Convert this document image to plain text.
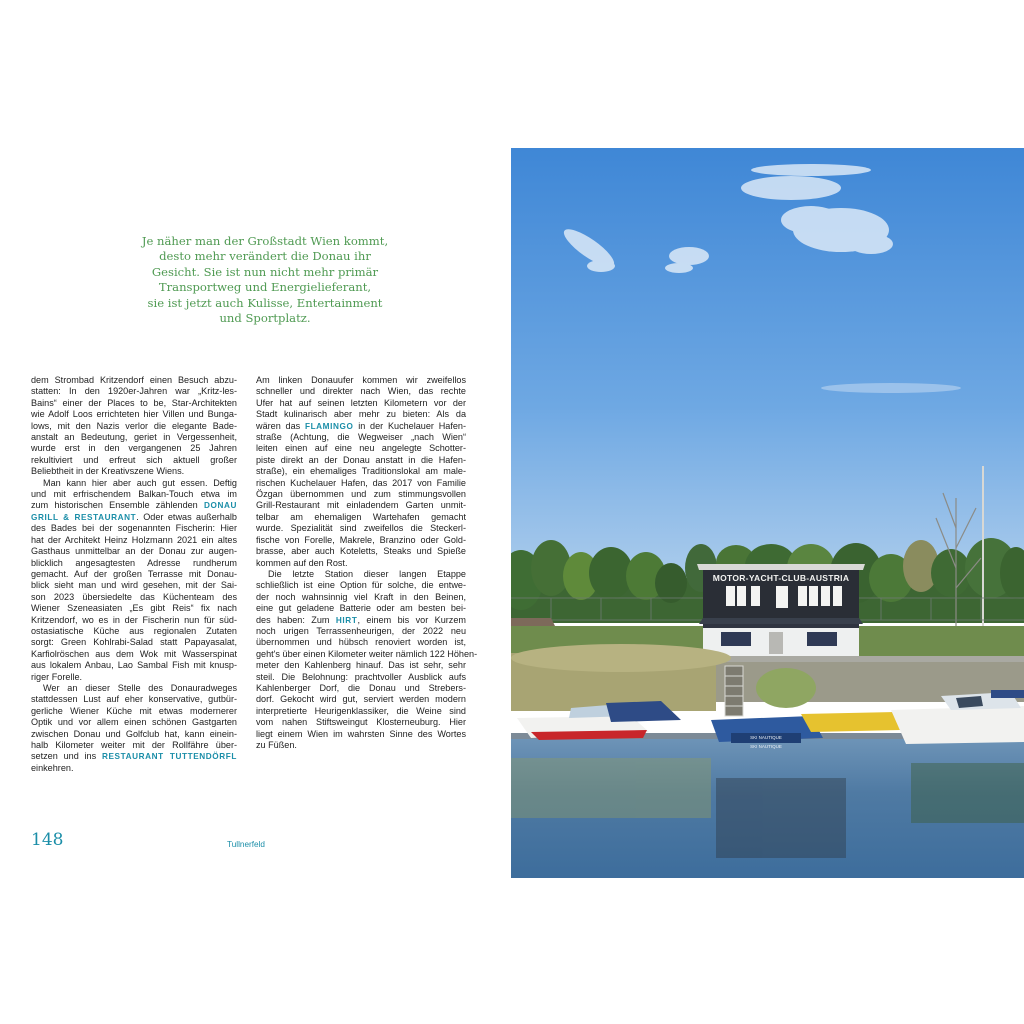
Je näher man der Großstadt Wien kommt,
desto mehr verändert die Donau ihr
Gesicht. Sie ist nun nicht mehr primär
Transportweg und Energielieferant,
sie ist jetzt auch Kulisse, Entertainment
und Sportplatz.
dem Strombad Kritzendorf einen Besuch abzu-
statten: In den 1920er-Jahren war „Kritz-les-
Bains“ einer der Places to be, Star-Architekten
wie Adolf Loos errichteten hier Villen und Bunga-
lows, mit den Nazis verlor die elegante Bade-
anstalt an Bedeutung, geriet in Vergessenheit,
wurde erst in den vergangenen 25 Jahren
rekultiviert und erfreut sich aktuell großer
Beliebtheit in der Kreativszene Wiens.
Man kann hier aber auch gut essen. Deftig
und mit erfrischendem Balkan-Touch etwa im
zum historischen Ensemble zählenden DONAU
GRILL & RESTAURANT. Oder etwas außerhalb
des Bades bei der sogenannten Fischerin: Hier
hat der Architekt Heinz Holzmann 2021 ein altes
Gasthaus unmittelbar an der Donau zur augen-
blicklich angesagtesten Adresse rundherum
gemacht. Auf der großen Terrasse mit Donau-
blick sieht man und wird gesehen, mit der Sai-
son 2023 übersiedelte das Küchenteam des
Wiener Szeneasiaten „Es gibt Reis“ fix nach
Kritzendorf, wo es in der Fischerin nun für süd-
ostasiatische Küche aus regionalen Zutaten
sorgt: Green Kohlrabi-Salad statt Papayasalat,
Karfiolröschen aus dem Wok mit Wasserspinat
aus lokalem Anbau, Lao Sambal Fish mit knusp-
riger Forelle.
Wer an dieser Stelle des Donauradweges
stattdessen Lust auf eher konservative, gutbür-
gerliche Wiener Küche mit etwas modernerer
Optik und vor allem einen schönen Gastgarten
zwischen Donau und Golfclub hat, kann einein-
halb Kilometer weiter mit der Rollfähre über-
setzen und ins RESTAURANT TUTTENDÖRFL
einkehren.
Am linken Donauufer kommen wir zweifellos
schneller und direkter nach Wien, das rechte
Ufer hat auf seinen letzten Kilometern vor der
Stadt kulinarisch aber mehr zu bieten: Als da
wären das FLAMINGO in der Kuchelauer Hafen-
straße (Achtung, die Wegweiser „nach Wien“
leiten einen auf eine neu angelegte Schotter-
piste direkt an der Donau anstatt in die Hafen-
straße), ein ehemaliges Traditionslokal am male-
rischen Kuchelauer Hafen, das 2017 von Familie
Özgan übernommen und zum stimmungsvollen
Grill-Restaurant mit einladendem Garten unmit-
telbar am ehemaligen Wartehafen gemacht
wurde. Spezialität sind zweifellos die Steckerl-
fische von Forelle, Makrele, Branzino oder Gold-
brasse, aber auch Koteletts, Steaks und Spieße
kommen auf den Rost.
Die letzte Station dieser langen Etappe
schließlich ist eine Option für solche, die entwe-
der noch wahnsinnig viel Kraft in den Beinen,
eine gut geladene Batterie oder am besten bei-
des haben: Zum HIRT, einem bis vor Kurzem
noch urigen Terrassenheurigen, der 2022 neu
übernommen und hübsch renoviert worden ist,
geht's über einen Kilometer weiter nämlich 122 Höhen-
meter den Kahlenberg hinauf. Das ist sehr, sehr
steil. Die Belohnung: prachtvoller Ausblick aufs
Kahlenberger Dorf, die Donau und Strebers-
dorf. Gekocht wird gut, serviert werden modern
interpretierte Heurigenklassiker, die Weine sind
vom nahen Stiftsweingut Klosterneuburg. Hier
liegt einem Wien im wahrsten Sinne des Wortes
zu Füßen.
148	Tullnerfeld
MOTOR-YACHT-CLUB-AUSTRIA
SKI NAUTIQUE
SKI NAUTIQUE
